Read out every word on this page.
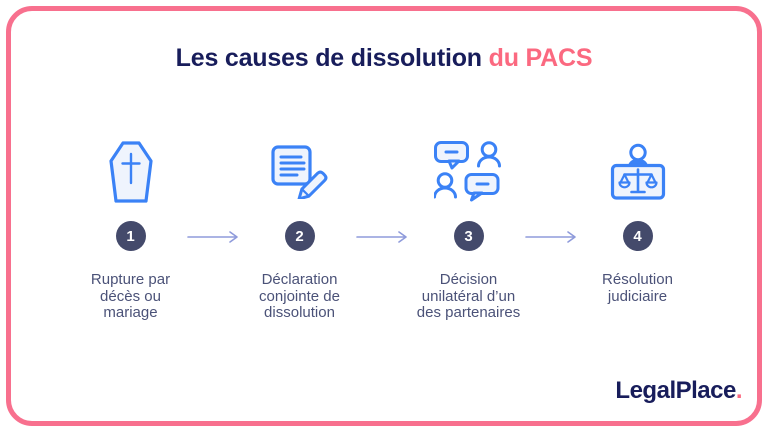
Les causes de dissolution du PACS
1
Rupture par décès ou mariage
2
Déclaration conjointe de dissolution
3
Décision unilatéral d’un des partenaires
4
Résolution judiciaire
LegalPlace.
